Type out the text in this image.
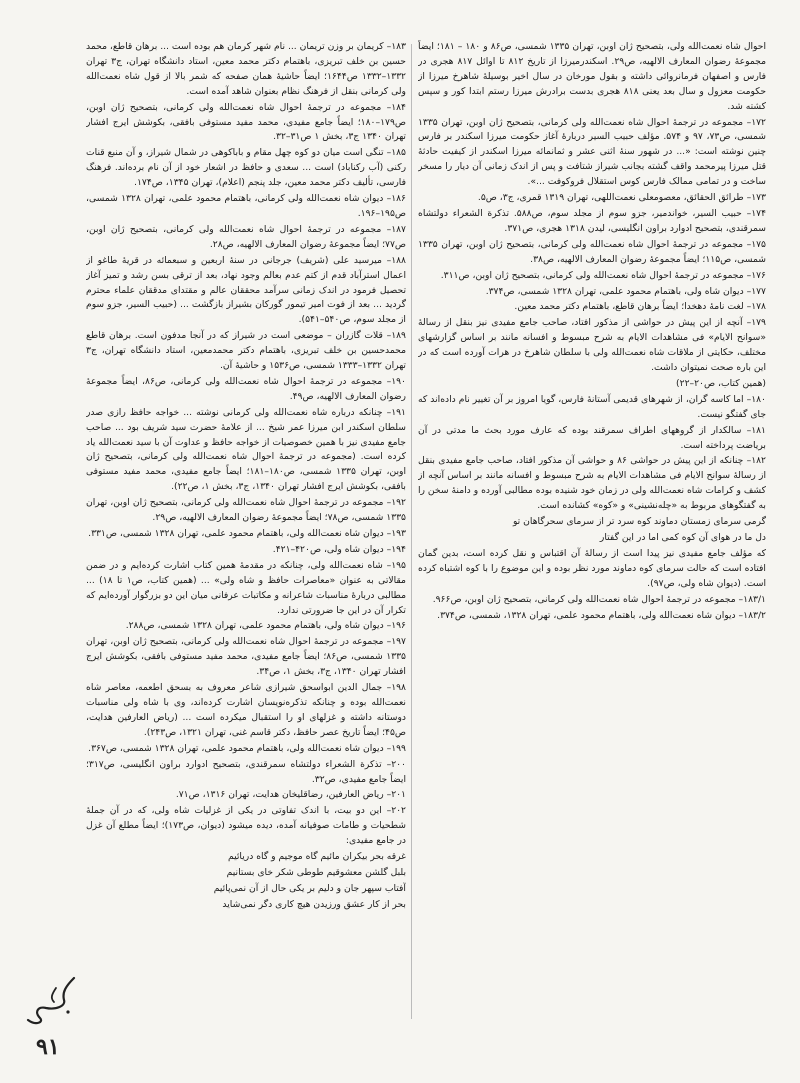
احوال شاه نعمت‌الله ولی، بتصحیح ژان اوبن، تهران ۱۳۳۵ شمسی، ص۸۶ و ۱۸۰ – ۱۸۱؛ ایضاً مجموعهٔ رضوان المعارف الالهیه، ص۲۹. اسکندرمیرزا از تاریخ ۸۱۲ تا اوائل ۸۱۷ هجری در فارس و اصفهان فرمانروائی داشته و بقول مورخان در سال اخیر بوسیلهٔ شاهرخ میرزا از حکومت معزول و سال بعد یعنی ۸۱۸ هجری بدست برادرش میرزا رستم ابتدا کور و سپس کشته شد.
۱۷۲– مجموعه در ترجمهٔ احوال شاه نعمت‌الله ولی کرمانی، بتصحیح ژان اوبن، تهران ۱۳۳۵ شمسی، ص۷۳، ۹۷ و ۵۷۴. مؤلف حبیب السیر دربارهٔ آغاز حکومت میرزا اسکندر بر فارس چنین نوشته است: «... در شهور سنهٔ اثنی عشر و ثمانمائه میرزا اسکندر از کیفیت حادثهٔ قتل میرزا پیرمحمد واقف گشته بجانب شیراز شتافت و پس از اندک زمانی آن دیار را مسخر ساخت و در تمامی ممالک فارس کوس استقلال فروکوفت ...».
۱۷۳– طرائق الحقائق، معصومعلی نعمت‌اللهی، تهران ۱۳۱۹ قمری، ج۳، ص۵.
۱۷۴– حبیب السیر، خواندمیر، جزو سوم از مجلد سوم، ص۵۸۸. تذکرة الشعراء دولتشاه سمرقندی، بتصحیح ادوارد براون انگلیسی، لیدن ۱۳۱۸ هجری، ص۳۷۱.
۱۷۵– مجموعه در ترجمهٔ احوال شاه نعمت‌الله ولی کرمانی، بتصحیح ژان اوبن، تهران ۱۳۳۵ شمسی، ص۱۱۵؛ ایضاً مجموعهٔ رضوان المعارف الالهیه، ص۳۸.
۱۷۶– مجموعه در ترجمهٔ احوال شاه نعمت‌الله ولی کرمانی، بتصحیح ژان اوبن، ص۳۱۱.
۱۷۷– دیوان شاه ولی، باهتمام محمود علمی، تهران ۱۳۲۸ شمسی، ص۳۷۴.
۱۷۸– لغت نامهٔ دهخدا؛ ایضاً برهان قاطع، باهتمام دکتر محمد معین.
۱۷۹– آنچه از این پیش در حواشی از مذکور افتاد، صاحب جامع مفیدی نیز بنقل از رسالهٔ «سوانح الایام» فی مشاهدات الایام به شرح مبسوط و افسانه مانند بر اساس گزارشهای مختلف، حکایتی از ملاقات شاه نعمت‌الله ولی با سلطان شاهرخ در هرات آورده است که در این باره صحت نمیتوان داشت.
(همین کتاب، ص۲۰–۲۲)
۱۸۰– اما کاسه گران، از شهرهای قدیمی آستانهٔ فارس، گویا امروز بر آن تغییر نام داده‌اند که جای گفتگو نیست.
۱۸۱– سالکدار از گروههای اطراف سمرقند بوده که عارف مورد بحث ما مدتی در آن بریاضت پرداخته است.
۱۸۲– چنانکه از این پیش در حواشی ۸۶ و حواشی آن مذکور افتاد، صاحب جامع مفیدی بنقل از رسالهٔ سوانح الایام فی مشاهدات الایام به شرح مبسوط و افسانه مانند بر اساس آنچه از کشف و کرامات شاه نعمت‌الله ولی در زمان خود شنیده بوده مطالبی آورده و دامنهٔ سخن را به گفتگوهای مربوط به «چله‌نشینی» و «کوه» کشانده است.
گرمی سرمای زمستان دماوند کوه سرد تر از سرمای سحرگاهان تو
دل ما در هوای آن کوه کمی اما در این گفتار
که مؤلف جامع مفیدی نیز پیدا است از رسالهٔ آن اقتباس و نقل کرده است، بدین گمان افتاده است که حالت سرمای کوه دماوند مورد نظر بوده و این موضوع را با کوه اشتباه کرده است. (دیوان شاه ولی، ص۹۷).
۱۸۳/۱– مجموعه در ترجمهٔ احوال شاه نعمت‌الله ولی کرمانی، بتصحیح ژان اوبن، ص۹۶۶.
۱۸۳/۲– دیوان شاه نعمت‌الله ولی، باهتمام محمود علمی، تهران ۱۳۲۸، شمسی، ص۳۷۴.
۱۸۳– کریمان بر وزن تریمان ... نام شهر کرمان هم بوده است ... برهان قاطع، محمد حسین بن خلف تبریزی، باهتمام دکتر محمد معین، استاد دانشگاه تهران، ج۳ تهران ۱۳۳۲–۱۳۳۲ ص۱۶۴۴؛ ایضاً حاشیهٔ همان صفحه که شمر بالا از قول شاه نعمت‌الله ولی کرمانی بنقل از فرهنگ نظام بعنوان شاهد آمده است.
۱۸۴– مجموعه در ترجمهٔ احوال شاه نعمت‌الله ولی کرمانی، بتصحیح ژان اوبن، ص۱۷۹–۱۸۰؛ ایضاً جامع مفیدی، محمد مفید مستوفی بافقی، بکوشش ایرج افشار تهران ۱۳۴۰ ج۳، بخش ۱ ص۳۱–۳۲.
۱۸۵– تنگی است میان دو کوه چهل مقام و باباکوهی در شمال شیراز، و آن منبع قنات رکنی (آب رکناباد) است ... سعدی و حافظ در اشعار خود از آن نام برده‌اند. فرهنگ فارسی، تألیف دکتر محمد معین، جلد پنجم (اعلام)، تهران ۱۳۴۵، ص۱۷۴.
۱۸۶– دیوان شاه نعمت‌الله ولی کرمانی، باهتمام محمود علمی، تهران ۱۳۲۸ شمسی، ص۱۹۵–۱۹۶.
۱۸۷– مجموعه در ترجمهٔ احوال شاه نعمت‌الله ولی کرمانی، بتصحیح ژان اوبن، ص۷۷؛ ایضاً مجموعهٔ رضوان المعارف الالهیه، ص۲۸.
۱۸۸– میرسید علی (شریف) جرجانی در سنهٔ اربعین و سبعمائه در قریهٔ طاغو از اعمال استرآباد قدم از کتم عدم بعالم وجود نهاد، بعد از ترقی بسن رشد و تمیز آغاز تحصیل فرمود در اندک زمانی سرآمد محققان عالم و مقتدای مدققان علماء محترم گردید ... بعد از فوت امیر تیمور گورکان بشیراز بازگشت ... (حبیب السیر، جزو سوم از مجلد سوم، ص۵۴۰–۵۴۱).
۱۸۹– قلات گازران – موضعی است در شیراز که در آنجا مدفون است. برهان قاطع محمدحسین بن خلف تبریزی، باهتمام دکتر محمدمعین، استاد دانشگاه تهران، ج۳ تهران ۱۳۳۲–۱۳۳۳ شمسی، ص۱۵۳۶ و حاشیهٔ آن.
۱۹۰– مجموعه در ترجمهٔ احوال شاه نعمت‌الله ولی کرمانی، ص۸۶، ایضاً مجموعهٔ رضوان المعارف الالهیه، ص۴۹.
۱۹۱– چنانکه درباره شاه نعمت‌الله ولی کرمانی نوشته ... خواجه حافظ رازی صدر سلطان اسکندر ابن میرزا عمر شیخ ... از علامهٔ حضرت سید شریف بود ... صاحب جامع مفیدی نیز با همین خصوصیات از خواجه حافظ و عداوت آن با سید نعمت‌الله یاد کرده است. (مجموعه در ترجمهٔ احوال شاه نعمت‌الله ولی کرمانی، بتصحیح ژان اوبن، تهران ۱۳۳۵ شمسی، ص۱۸۰–۱۸۱؛ ایضاً جامع مفیدی، محمد مفید مستوفی بافقی، بکوشش ایرج افشار تهران ۱۳۴۰، ج۳، بخش ۱، ص۲۲).
۱۹۲– مجموعه در ترجمهٔ احوال شاه نعمت‌الله ولی کرمانی، بتصحیح ژان اوبن، تهران ۱۳۳۵ شمسی، ص۷۸؛ ایضاً مجموعهٔ رضوان المعارف الالهیه، ص۲۹.
۱۹۳– دیوان شاه نعمت‌الله ولی، باهتمام محمود علمی، تهران ۱۳۲۸ شمسی، ص۳۳۱.
۱۹۴– دیوان شاه ولی، ص۴۲۰–۴۲۱.
۱۹۵– شاه نعمت‌الله ولی، چنانکه در مقدمهٔ همین کتاب اشارت کرده‌ایم و در ضمن مقالاتی به عنوان «معاصرات حافظ و شاه ولی» ... (همین کتاب، ص۱ تا ۱۸) ... مطالبی دربارهٔ مناسبات شاعرانه و مکاتبات عرفانی میان این دو بزرگوار آورده‌ایم که تکرار آن در این جا ضرورتی ندارد.
۱۹۶– دیوان شاه ولی، باهتمام محمود علمی، تهران ۱۳۲۸ شمسی، ص۲۸۸.
۱۹۷– مجموعه در ترجمهٔ احوال شاه نعمت‌الله ولی کرمانی، بتصحیح ژان اوبن، تهران ۱۳۳۵ شمسی، ص۸۶؛ ایضاً جامع مفیدی، محمد مفید مستوفی بافقی، بکوشش ایرج افشار تهران ۱۳۴۰، ج۳، بخش ۱، ص۳۴.
۱۹۸– جمال الدین ابواسحق شیرازی شاعر معروف به بسحق اطعمه، معاصر شاه نعمت‌الله بوده و چنانکه تذکره‌نویسان اشارت کرده‌اند، وی با شاه ولی مناسبات دوستانه داشته و غزلهای او را استقبال میکرده است ... (ریاض العارفین هدایت، ص۴۵؛ ایضاً تاریخ عصر حافظ، دکتر قاسم غنی، تهران ۱۳۲۱، ص۲۴۳).
۱۹۹– دیوان شاه نعمت‌الله ولی، باهتمام محمود علمی، تهران ۱۳۲۸ شمسی، ص۳۶۷.
۲۰۰– تذکرة الشعراء دولتشاه سمرقندی، بتصحیح ادوارد براون انگلیسی، ص۳۱۷؛ ایضاً جامع مفیدی، ص۳۲.
۲۰۱– ریاض العارفین، رضاقلیخان هدایت، تهران ۱۳۱۶، ص۷۱.
۲۰۲– این دو بیت، با اندک تفاوتی در یکی از غزلیات شاه ولی، که در آن جملهٔ شطحیات و طامات صوفیانه آمده، دیده میشود (دیوان، ص۱۷۳)؛ ایضاً مطلع آن غزل در جامع مفیدی:
غرقه بحر بیکران مائیم گاه موجیم و گاه دریائیم
بلبل گلشن معشوقیم طوطی شکر خای بستانیم
آفتاب سپهر جان و دلیم بر یکی حال از آن نمی‌پائیم
بحر از کار عشق ورزیدن هیچ کاری دگر نمی‌شاید
۹۱
